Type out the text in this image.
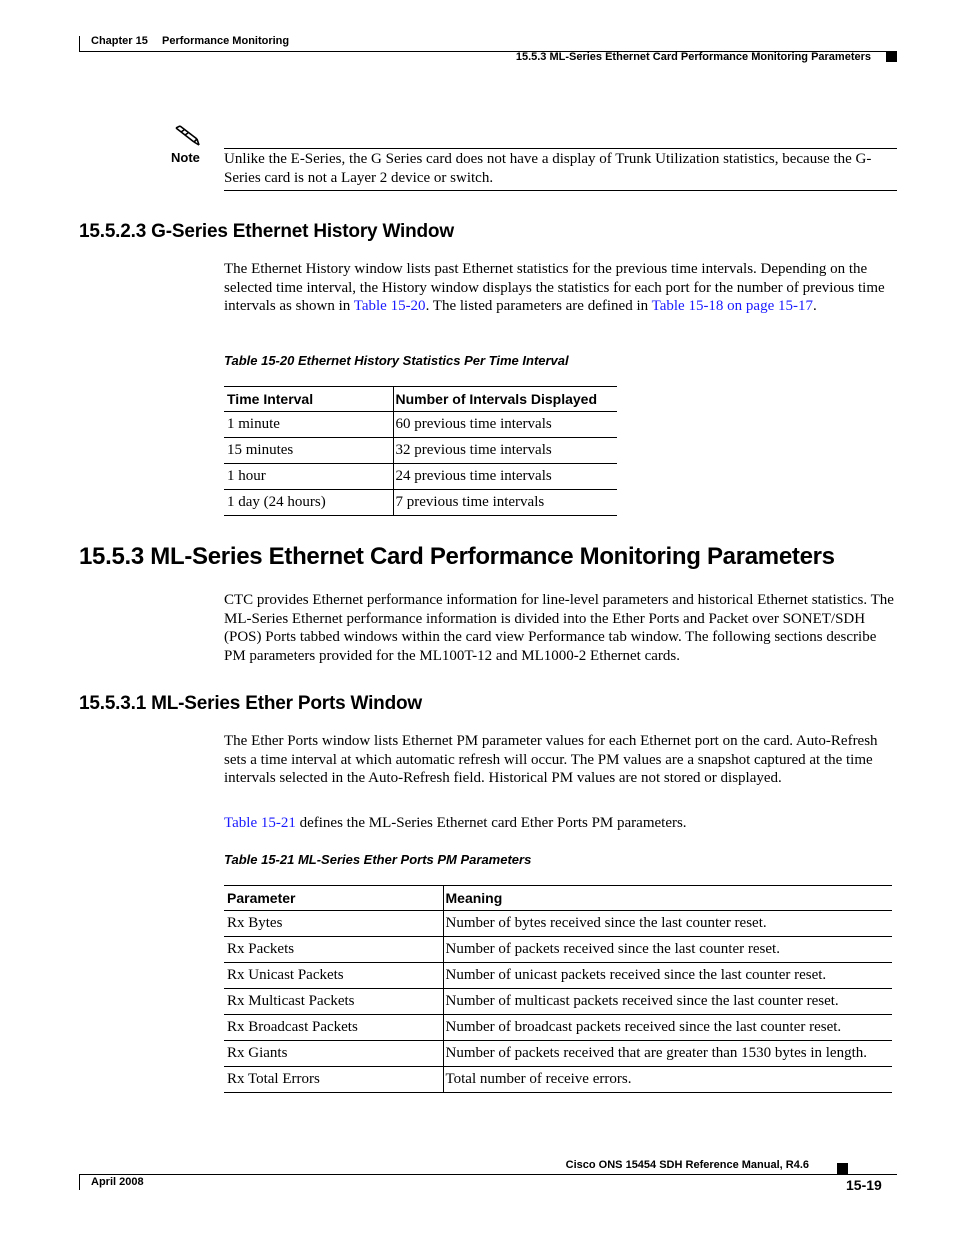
Chapter 15 Performance Monitoring
15.5.3 ML-Series Ethernet Card Performance Monitoring Parameters
Note Unlike the E-Series, the G Series card does not have a display of Trunk Utilization statistics, because the G-Series card is not a Layer 2 device or switch.
15.5.2.3 G-Series Ethernet History Window
The Ethernet History window lists past Ethernet statistics for the previous time intervals. Depending on the selected time interval, the History window displays the statistics for each port for the number of previous time intervals as shown in Table 15-20. The listed parameters are defined in Table 15-18 on page 15-17.
Table 15-20 Ethernet History Statistics Per Time Interval
Time Interval	Number of Intervals Displayed
1 minute	60 previous time intervals
15 minutes	32 previous time intervals
1 hour	24 previous time intervals
1 day (24 hours)	7 previous time intervals
15.5.3 ML-Series Ethernet Card Performance Monitoring Parameters
CTC provides Ethernet performance information for line-level parameters and historical Ethernet statistics. The ML-Series Ethernet performance information is divided into the Ether Ports and Packet over SONET/SDH (POS) Ports tabbed windows within the card view Performance tab window. The following sections describe PM parameters provided for the ML100T-12 and ML1000-2 Ethernet cards.
15.5.3.1 ML-Series Ether Ports Window
The Ether Ports window lists Ethernet PM parameter values for each Ethernet port on the card. Auto-Refresh sets a time interval at which automatic refresh will occur. The PM values are a snapshot captured at the time intervals selected in the Auto-Refresh field. Historical PM values are not stored or displayed.
Table 15-21 defines the ML-Series Ethernet card Ether Ports PM parameters.
Table 15-21 ML-Series Ether Ports PM Parameters
Parameter	Meaning
Rx Bytes	Number of bytes received since the last counter reset.
Rx Packets	Number of packets received since the last counter reset.
Rx Unicast Packets	Number of unicast packets received since the last counter reset.
Rx Multicast Packets	Number of multicast packets received since the last counter reset.
Rx Broadcast Packets	Number of broadcast packets received since the last counter reset.
Rx Giants	Number of packets received that are greater than 1530 bytes in length.
Rx Total Errors	Total number of receive errors.
Cisco ONS 15454 SDH Reference Manual, R4.6
April 2008	15-19
